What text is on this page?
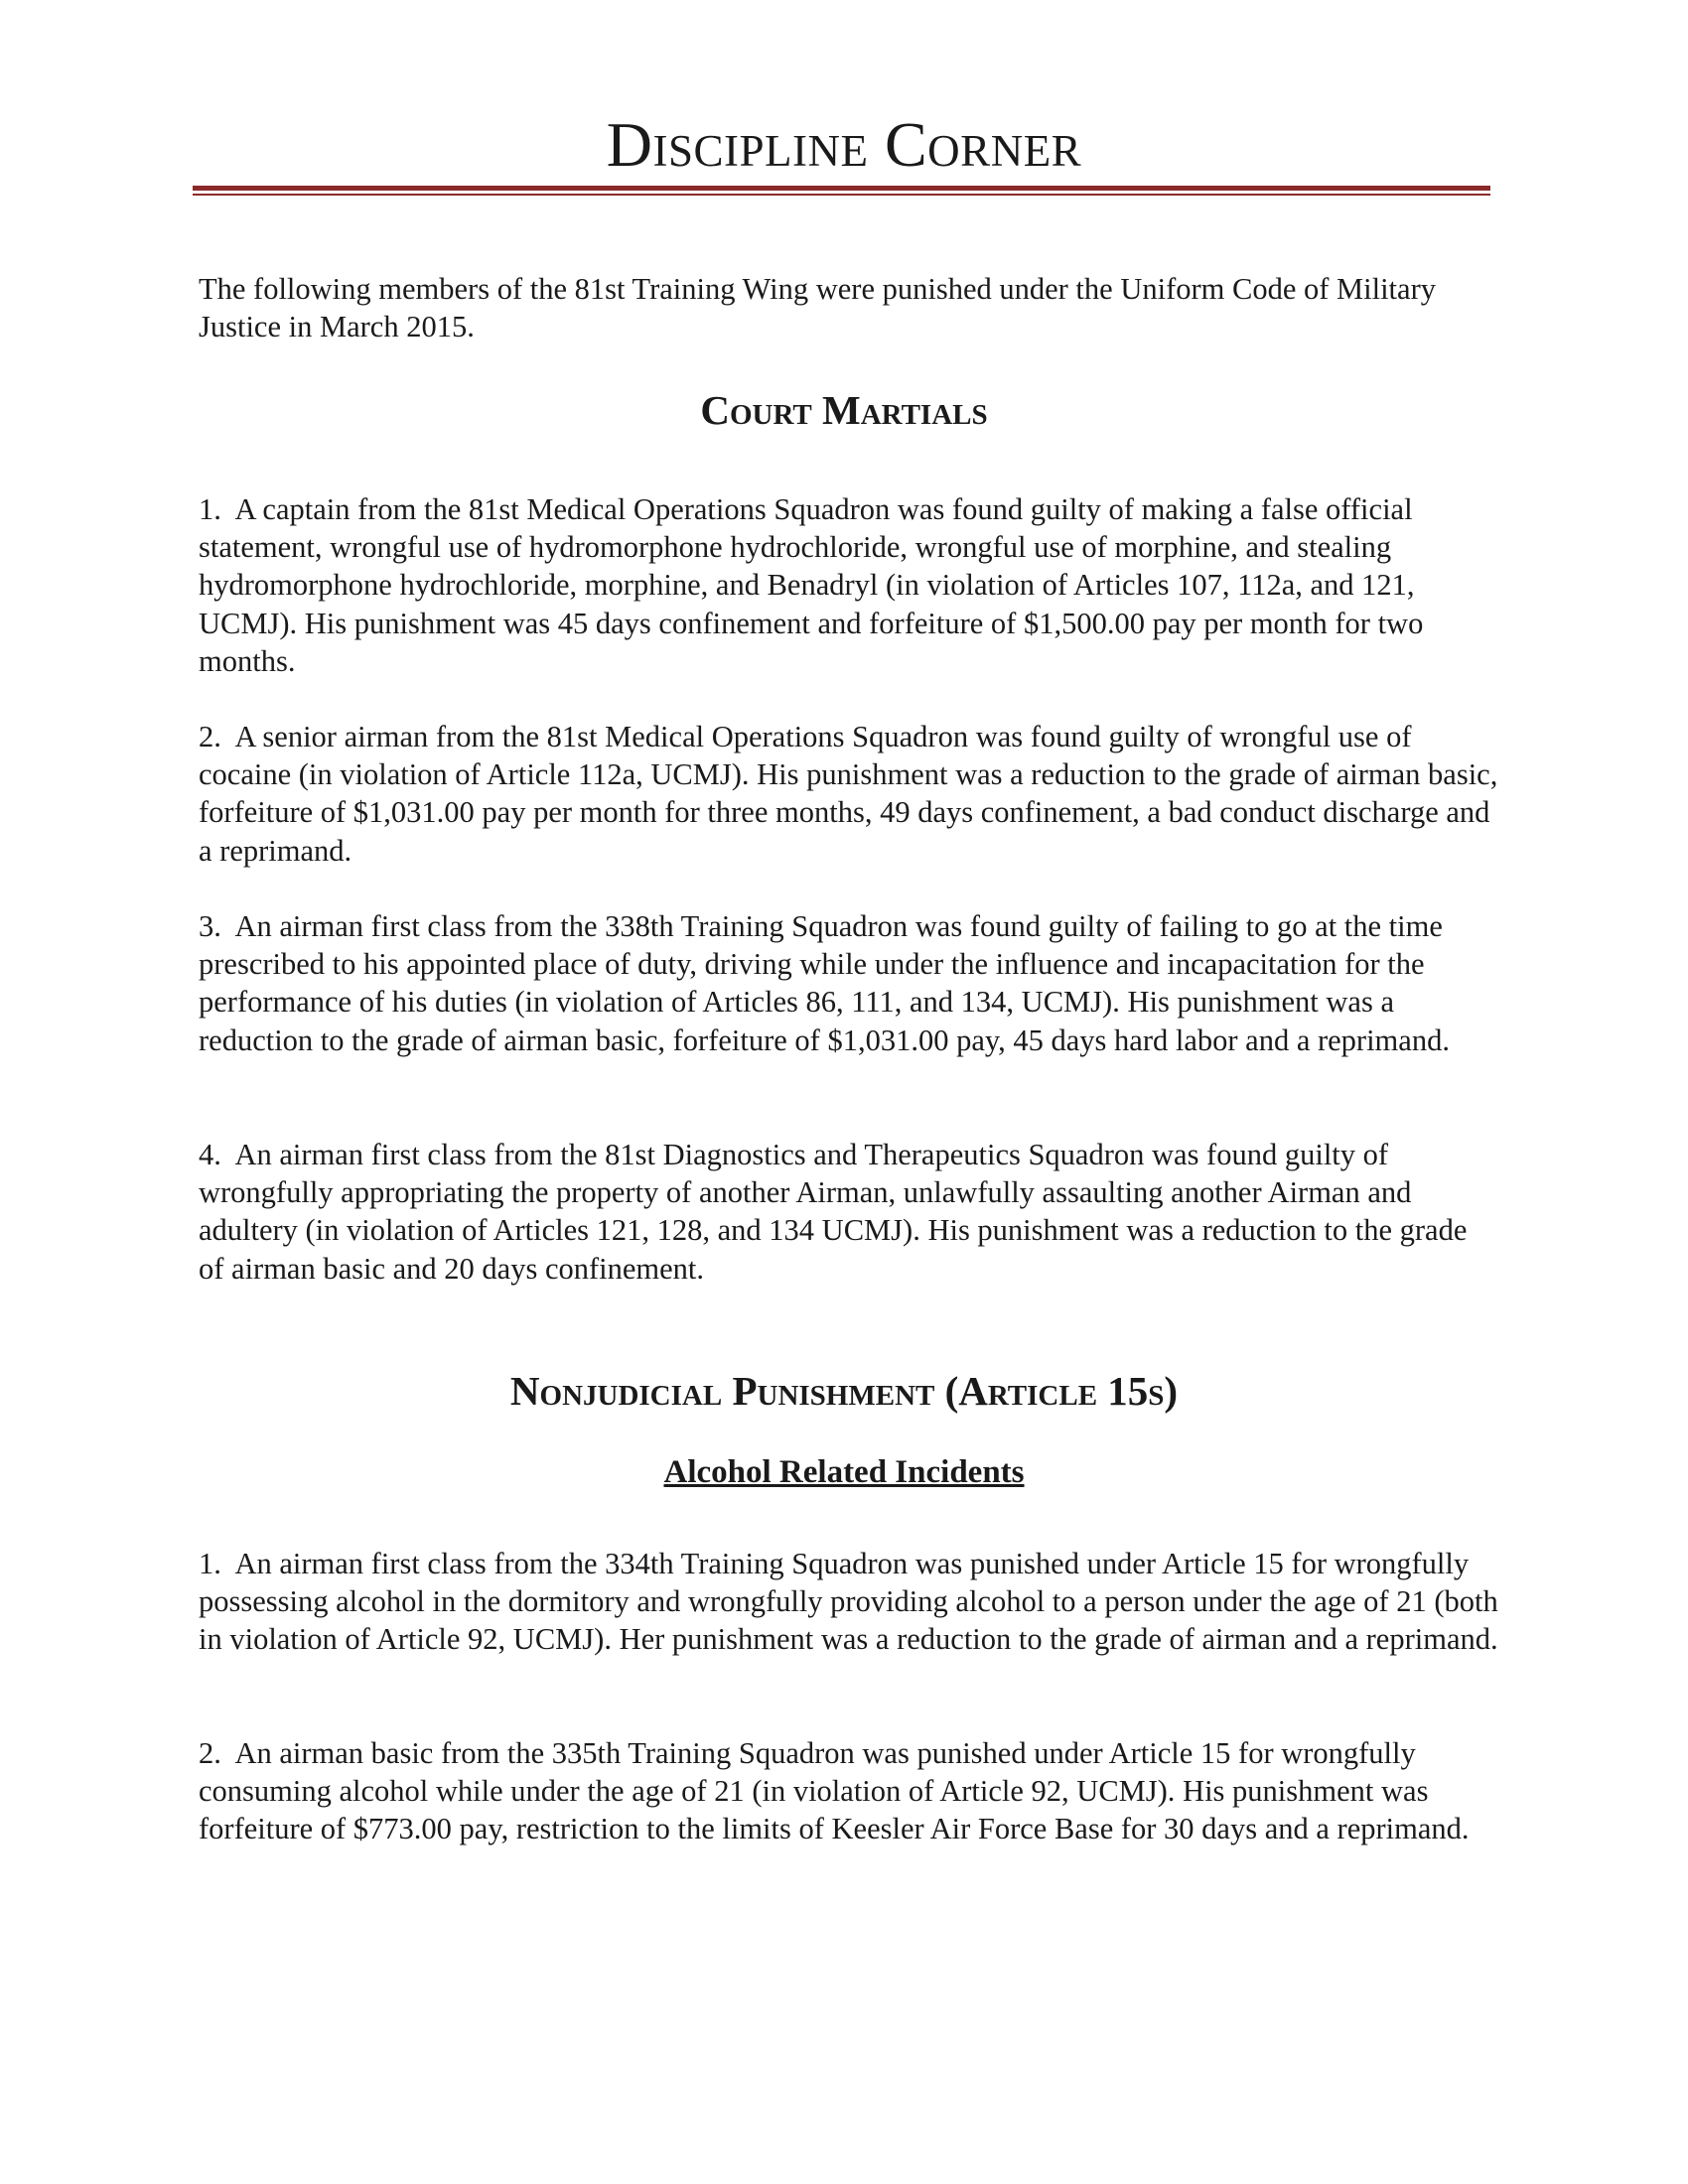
Discipline Corner

The following members of the 81st Training Wing were punished under the Uniform Code of Military Justice in March 2015.

Court Martials

1. A captain from the 81st Medical Operations Squadron was found guilty of making a false official statement, wrongful use of hydromorphone hydrochloride, wrongful use of morphine, and stealing hydromorphone hydrochloride, morphine, and Benadryl (in violation of Articles 107, 112a, and 121, UCMJ). His punishment was 45 days confinement and forfeiture of $1,500.00 pay per month for two months.

2. A senior airman from the 81st Medical Operations Squadron was found guilty of wrongful use of cocaine (in violation of Article 112a, UCMJ). His punishment was a reduction to the grade of airman basic, forfeiture of $1,031.00 pay per month for three months, 49 days confinement, a bad conduct discharge and a reprimand.

3. An airman first class from the 338th Training Squadron was found guilty of failing to go at the time prescribed to his appointed place of duty, driving while under the influence and incapacitation for the performance of his duties (in violation of Articles 86, 111, and 134, UCMJ). His punishment was a reduction to the grade of airman basic, forfeiture of $1,031.00 pay, 45 days hard labor and a reprimand.

4. An airman first class from the 81st Diagnostics and Therapeutics Squadron was found guilty of wrongfully appropriating the property of another Airman, unlawfully assaulting another Airman and adultery (in violation of Articles 121, 128, and 134 UCMJ). His punishment was a reduction to the grade of airman basic and 20 days confinement.

Nonjudicial Punishment (Article 15s)
Alcohol Related Incidents

1. An airman first class from the 334th Training Squadron was punished under Article 15 for wrongfully possessing alcohol in the dormitory and wrongfully providing alcohol to a person under the age of 21 (both in violation of Article 92, UCMJ). Her punishment was a reduction to the grade of airman and a reprimand.

2. An airman basic from the 335th Training Squadron was punished under Article 15 for wrongfully consuming alcohol while under the age of 21 (in violation of Article 92, UCMJ). His punishment was forfeiture of $773.00 pay, restriction to the limits of Keesler Air Force Base for 30 days and a reprimand.
